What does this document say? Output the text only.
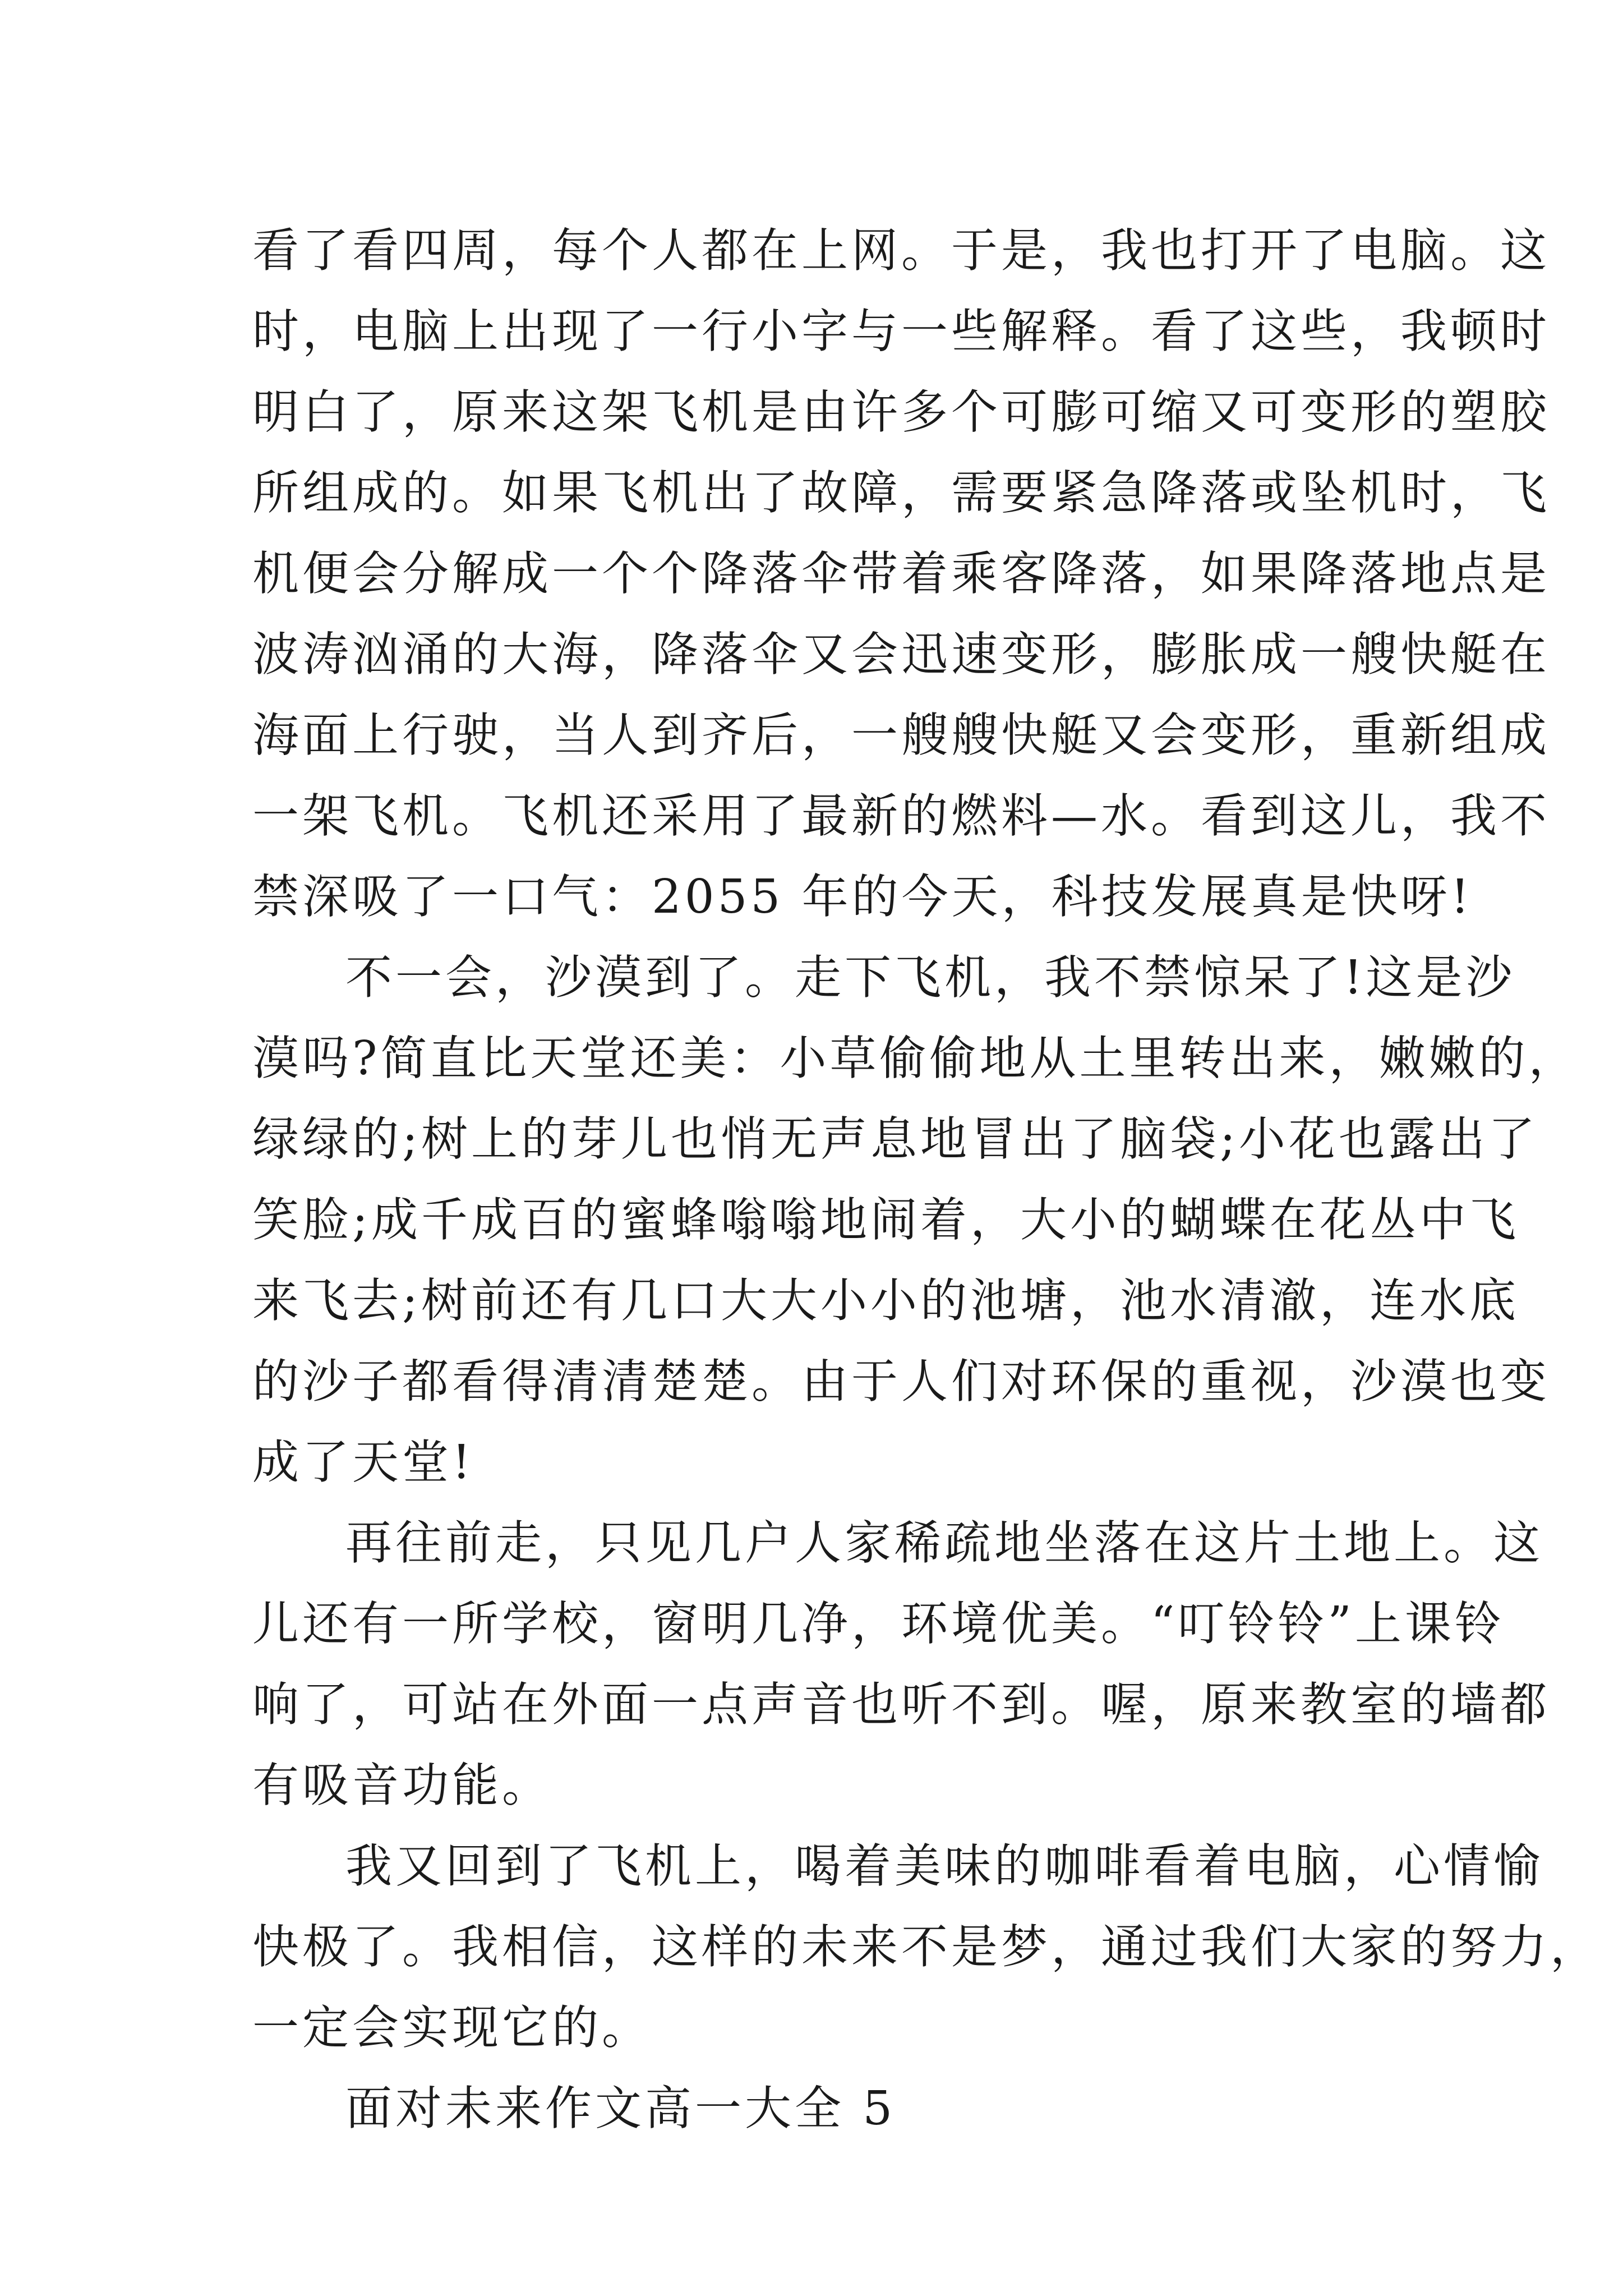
看了看四周，每个人都在上网。于是，我也打开了电脑。这
时，电脑上出现了一行小字与一些解释。看了这些，我顿时
明白了，原来这架飞机是由许多个可膨可缩又可变形的塑胶
所组成的。如果飞机出了故障，需要紧急降落或坠机时，飞
机便会分解成一个个降落伞带着乘客降落，如果降落地点是
波涛汹涌的大海，降落伞又会迅速变形，膨胀成一艘快艇在
海面上行驶，当人到齐后，一艘艘快艇又会变形，重新组成
一架飞机。飞机还采用了最新的燃料—水。看到这儿，我不
禁深吸了一口气：2055 年的今天，科技发展真是快呀!
不一会，沙漠到了。走下飞机，我不禁惊呆了!这是沙
漠吗?简直比天堂还美：小草偷偷地从土里转出来，嫩嫩的，
绿绿的;树上的芽儿也悄无声息地冒出了脑袋;小花也露出了
笑脸;成千成百的蜜蜂嗡嗡地闹着，大小的蝴蝶在花丛中飞
来飞去;树前还有几口大大小小的池塘，池水清澈，连水底
的沙子都看得清清楚楚。由于人们对环保的重视，沙漠也变
成了天堂!
再往前走，只见几户人家稀疏地坐落在这片土地上。这
儿还有一所学校，窗明几净，环境优美。“叮铃铃”上课铃
响了，可站在外面一点声音也听不到。喔，原来教室的墙都
有吸音功能。
我又回到了飞机上，喝着美味的咖啡看着电脑，心情愉
快极了。我相信，这样的未来不是梦，通过我们大家的努力，
一定会实现它的。
面对未来作文高一大全 5
